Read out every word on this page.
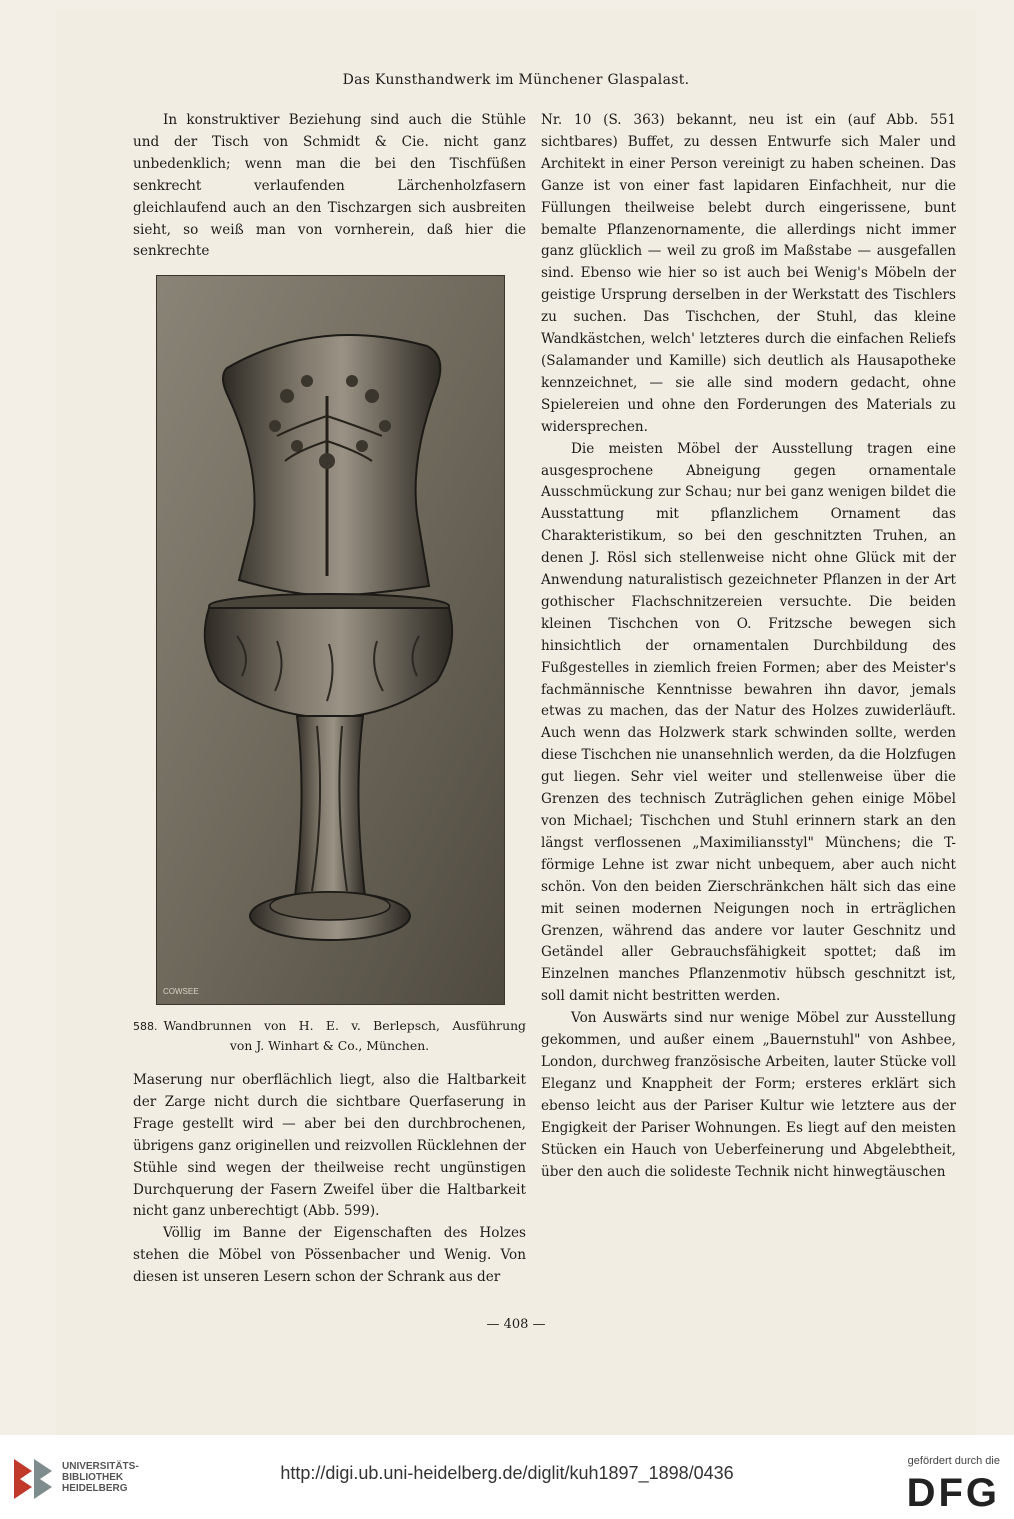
Das Kunsthandwerk im Münchener Glaspalast.

In konstruktiver Beziehung sind auch die Stühle und der Tisch von Schmidt & Cie. nicht ganz unbedenklich; wenn man die bei den Tischfüßen senkrecht verlaufenden Lärchenholzfasern gleichlaufend auch an den Tischzargen sich ausbreiten sieht, so weiß man von vornherein, daß hier die senkrechte

COWSEE
588. Wandbrunnen von H. E. v. Berlepsch, Ausführung
von J. Winhart & Co., München.

Maserung nur oberflächlich liegt, also die Haltbarkeit der Zarge nicht durch die sichtbare Querfaserung in Frage gestellt wird — aber bei den durchbrochenen, übrigens ganz originellen und reizvollen Rücklehnen der Stühle sind wegen der theilweise recht ungünstigen Durchquerung der Fasern Zweifel über die Haltbarkeit nicht ganz unberechtigt (Abb. 599).

Völlig im Banne der Eigenschaften des Holzes stehen die Möbel von Pössenbacher und Wenig. Von diesen ist unseren Lesern schon der Schrank aus der

Nr. 10 (S. 363) bekannt, neu ist ein (auf Abb. 551 sichtbares) Buffet, zu dessen Entwurfe sich Maler und Architekt in einer Person vereinigt zu haben scheinen. Das Ganze ist von einer fast lapidaren Einfachheit, nur die Füllungen theilweise belebt durch eingerissene, bunt bemalte Pflanzenornamente, die allerdings nicht immer ganz glücklich — weil zu groß im Maßstabe — ausgefallen sind. Ebenso wie hier so ist auch bei Wenig's Möbeln der geistige Ursprung derselben in der Werkstatt des Tischlers zu suchen. Das Tischchen, der Stuhl, das kleine Wandkästchen, welch' letzteres durch die einfachen Reliefs (Salamander und Kamille) sich deutlich als Hausapotheke kennzeichnet, — sie alle sind modern gedacht, ohne Spielereien und ohne den Forderungen des Materials zu widersprechen.

Die meisten Möbel der Ausstellung tragen eine ausgesprochene Abneigung gegen ornamentale Ausschmückung zur Schau; nur bei ganz wenigen bildet die Ausstattung mit pflanzlichem Ornament das Charakteristikum, so bei den geschnitzten Truhen, an denen J. Rösl sich stellenweise nicht ohne Glück mit der Anwendung naturalistisch gezeichneter Pflanzen in der Art gothischer Flachschnitzereien versuchte. Die beiden kleinen Tischchen von O. Fritzsche bewegen sich hinsichtlich der ornamentalen Durchbildung des Fußgestelles in ziemlich freien Formen; aber des Meister's fachmännische Kenntnisse bewahren ihn davor, jemals etwas zu machen, das der Natur des Holzes zuwiderläuft. Auch wenn das Holzwerk stark schwinden sollte, werden diese Tischchen nie unansehnlich werden, da die Holzfugen gut liegen. Sehr viel weiter und stellenweise über die Grenzen des technisch Zuträglichen gehen einige Möbel von Michael; Tischchen und Stuhl erinnern stark an den längst verflossenen „Maximiliansstyl" Münchens; die T-förmige Lehne ist zwar nicht unbequem, aber auch nicht schön. Von den beiden Zierschränkchen hält sich das eine mit seinen modernen Neigungen noch in erträglichen Grenzen, während das andere vor lauter Geschnitz und Getändel aller Gebrauchsfähigkeit spottet; daß im Einzelnen manches Pflanzenmotiv hübsch geschnitzt ist, soll damit nicht bestritten werden.

Von Auswärts sind nur wenige Möbel zur Ausstellung gekommen, und außer einem „Bauernstuhl" von Ashbee, London, durchweg französische Arbeiten, lauter Stücke voll Eleganz und Knappheit der Form; ersteres erklärt sich ebenso leicht aus der Pariser Kultur wie letztere aus der Engigkeit der Pariser Wohnungen. Es liegt auf den meisten Stücken ein Hauch von Ueberfeinerung und Abgelebtheit, über den auch die solideste Technik nicht hinwegtäuschen

— 408 —
UNIVERSITÄTS-
BIBLIOTHEK
HEIDELBERG
http://digi.ub.uni-heidelberg.de/diglit/kuh1897_1898/0436
gefördert durch die
DFG
